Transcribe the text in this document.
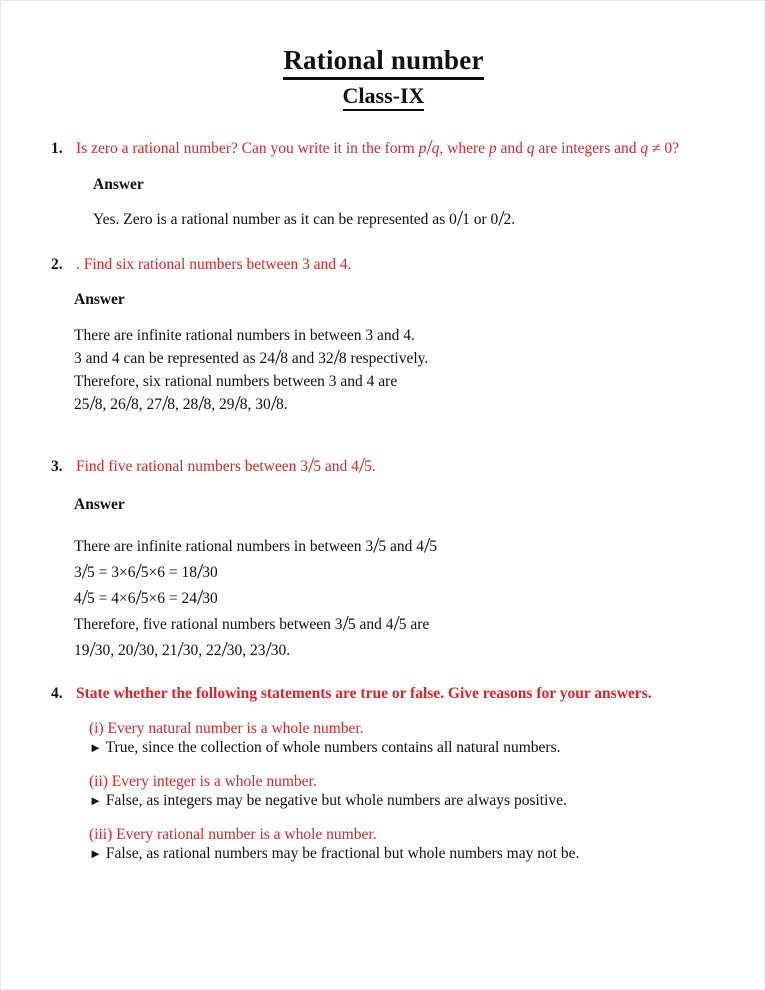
Rational number
Class-IX
1. Is zero a rational number? Can you write it in the form p/q, where p and q are integers and q ≠ 0?
Answer
Yes. Zero is a rational number as it can be represented as 0/1 or 0/2.
2. . Find six rational numbers between 3 and 4.
Answer
There are infinite rational numbers in between 3 and 4.
3 and 4 can be represented as 24/8 and 32/8 respectively.
Therefore, six rational numbers between 3 and 4 are
25/8, 26/8, 27/8, 28/8, 29/8, 30/8.
3. Find five rational numbers between 3/5 and 4/5.
Answer
There are infinite rational numbers in between 3/5 and 4/5
3/5 = 3×6/5×6 = 18/30
4/5 = 4×6/5×6 = 24/30
Therefore, five rational numbers between 3/5 and 4/5 are
19/30, 20/30, 21/30, 22/30, 23/30.
4. State whether the following statements are true or false. Give reasons for your answers.
(i) Every natural number is a whole number.
► True, since the collection of whole numbers contains all natural numbers.
(ii) Every integer is a whole number.
► False, as integers may be negative but whole numbers are always positive.
(iii) Every rational number is a whole number.
► False, as rational numbers may be fractional but whole numbers may not be.
